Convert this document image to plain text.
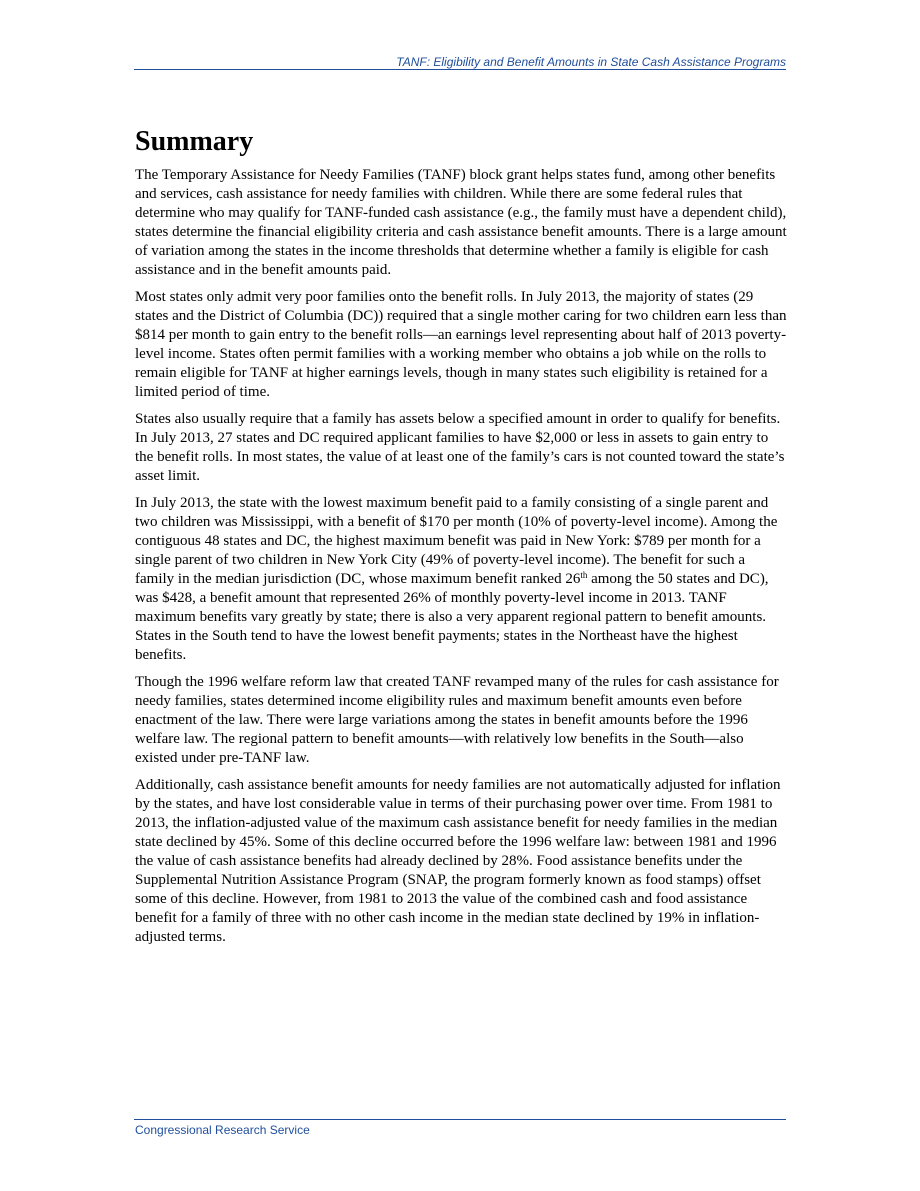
TANF: Eligibility and Benefit Amounts in State Cash Assistance Programs
Summary

The Temporary Assistance for Needy Families (TANF) block grant helps states fund, among other benefits and services, cash assistance for needy families with children. While there are some federal rules that determine who may qualify for TANF-funded cash assistance (e.g., the family must have a dependent child), states determine the financial eligibility criteria and cash assistance benefit amounts. There is a large amount of variation among the states in the income thresholds that determine whether a family is eligible for cash assistance and in the benefit amounts paid.

Most states only admit very poor families onto the benefit rolls. In July 2013, the majority of states (29 states and the District of Columbia (DC)) required that a single mother caring for two children earn less than $814 per month to gain entry to the benefit rolls—an earnings level representing about half of 2013 poverty-level income. States often permit families with a working member who obtains a job while on the rolls to remain eligible for TANF at higher earnings levels, though in many states such eligibility is retained for a limited period of time.

States also usually require that a family has assets below a specified amount in order to qualify for benefits. In July 2013, 27 states and DC required applicant families to have $2,000 or less in assets to gain entry to the benefit rolls. In most states, the value of at least one of the family’s cars is not counted toward the state’s asset limit.

In July 2013, the state with the lowest maximum benefit paid to a family consisting of a single parent and two children was Mississippi, with a benefit of $170 per month (10% of poverty-level income). Among the contiguous 48 states and DC, the highest maximum benefit was paid in New York: $789 per month for a single parent of two children in New York City (49% of poverty-level income). The benefit for such a family in the median jurisdiction (DC, whose maximum benefit ranked 26th among the 50 states and DC), was $428, a benefit amount that represented 26% of monthly poverty-level income in 2013. TANF maximum benefits vary greatly by state; there is also a very apparent regional pattern to benefit amounts. States in the South tend to have the lowest benefit payments; states in the Northeast have the highest benefits.

Though the 1996 welfare reform law that created TANF revamped many of the rules for cash assistance for needy families, states determined income eligibility rules and maximum benefit amounts even before enactment of the law. There were large variations among the states in benefit amounts before the 1996 welfare law. The regional pattern to benefit amounts—with relatively low benefits in the South—also existed under pre-TANF law.

Additionally, cash assistance benefit amounts for needy families are not automatically adjusted for inflation by the states, and have lost considerable value in terms of their purchasing power over time. From 1981 to 2013, the inflation-adjusted value of the maximum cash assistance benefit for needy families in the median state declined by 45%. Some of this decline occurred before the 1996 welfare law: between 1981 and 1996 the value of cash assistance benefits had already declined by 28%. Food assistance benefits under the Supplemental Nutrition Assistance Program (SNAP, the program formerly known as food stamps) offset some of this decline. However, from 1981 to 2013 the value of the combined cash and food assistance benefit for a family of three with no other cash income in the median state declined by 19% in inflation-adjusted terms.

Congressional Research Service
